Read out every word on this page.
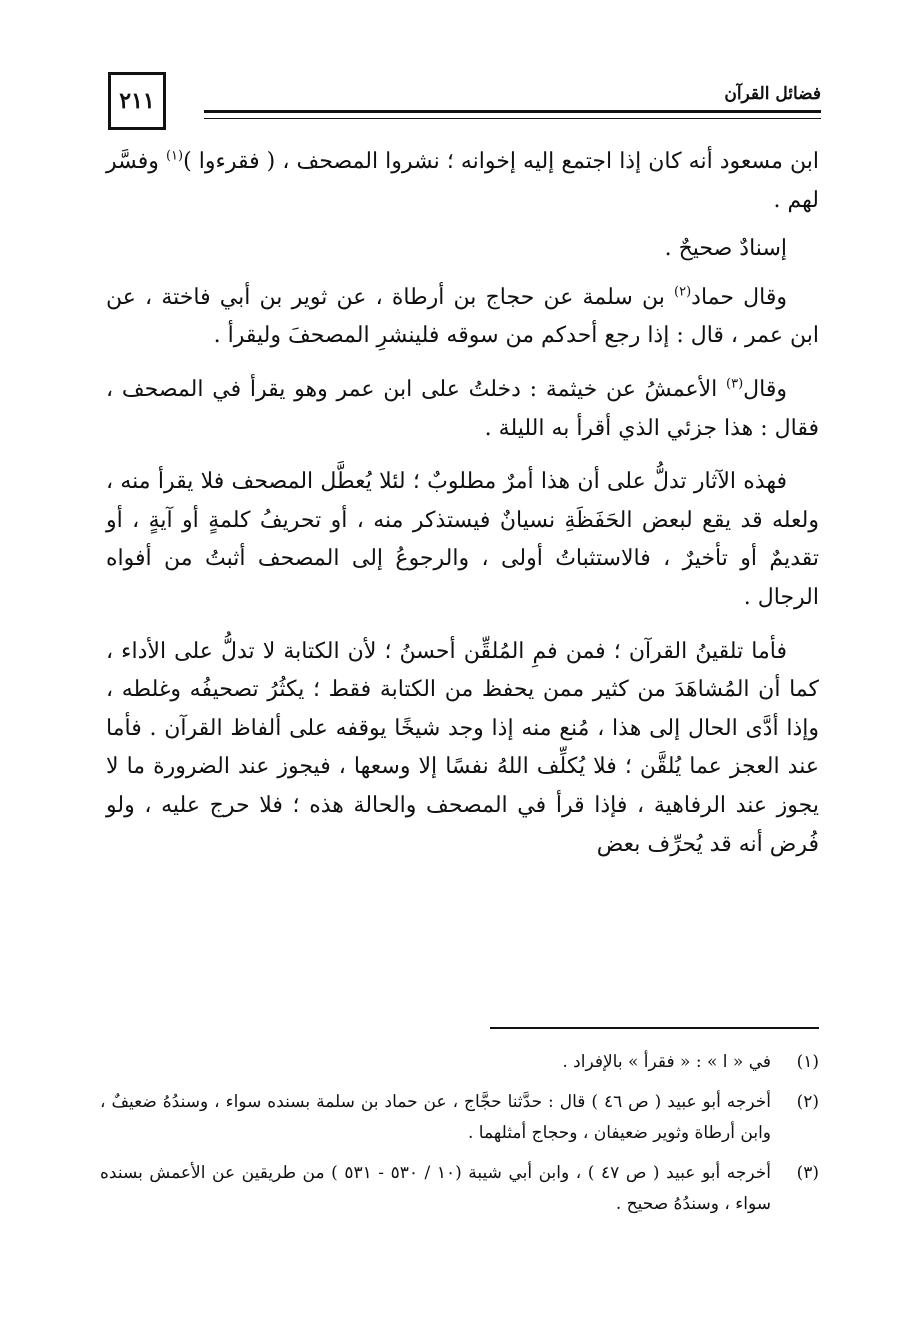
٢١١	فضائل القرآن

ابن مسعود أنه كان إذا اجتمع إليه إخوانه ؛ نشروا المصحف ، ( فقرءوا )$^{(١)}$ وفسَّر لهم .

إسنادٌ صحيحٌ .

وقال حماد$^{(٢)}$ بن سلمة عن حجاج بن أرطاة ، عن ثوير بن أبي فاختة ، عن ابن عمر ، قال : إذا رجع أحدكم من سوقه فلينشرِ المصحفَ وليقرأ .

وقال$^{(٣)}$ الأعمشُ عن خيثمة : دخلتُ على ابن عمر وهو يقرأ في المصحف ، فقال : هذا جزئي الذي أقرأ به الليلة .

فهذه الآثار تدلُّ على أن هذا أمرٌ مطلوبٌ ؛ لئلا يُعطَّل المصحف فلا يقرأ منه ، ولعله قد يقع لبعض الحَفَظَةِ نسيانٌ فيستذكر منه ، أو تحريفُ كلمةٍ أو آيةٍ ، أو تقديمٌ أو تأخيرٌ ، فالاستثباتُ أولى ، والرجوعُ إلى المصحف أثبتُ من أفواه الرجال .

فأما تلقينُ القرآن ؛ فمن فمِ المُلقِّن أحسنُ ؛ لأن الكتابة لا تدلُّ على الأداء ، كما أن المُشاهَدَ من كثير ممن يحفظ من الكتابة فقط ؛ يكثُرُ تصحيفُه وغلطه ، وإذا أدَّى الحال إلى هذا ، مُنع منه إذا وجد شيخًا يوقفه على ألفاظ القرآن . فأما عند العجز عما يُلقَّن ؛ فلا يُكلِّف اللهُ نفسًا إلا وسعها ، فيجوز عند الضرورة ما لا يجوز عند الرفاهية ، فإذا قرأ في المصحف والحالة هذه ؛ فلا حرج عليه ، ولو فُرض أنه قد يُحرِّف بعض

(١)
في « ا » : « فقرأ » بالإفراد .
(٢)
أخرجه أبو عبيد ( ص ٤٦ ) قال : حدَّثنا حجَّاج ، عن حماد بن سلمة بسنده سواء ، وسندُهُ ضعيفٌ ، وابن أرطاة وثوير ضعيفان ، وحجاج أمثلهما .
(٣)
أخرجه أبو عبيد ( ص ٤٧ ) ، وابن أبي شيبة (١٠ / ٥٣٠ - ٥٣١ ) من طريقين عن الأعمش بسنده سواء ، وسندُهُ صحيح .
